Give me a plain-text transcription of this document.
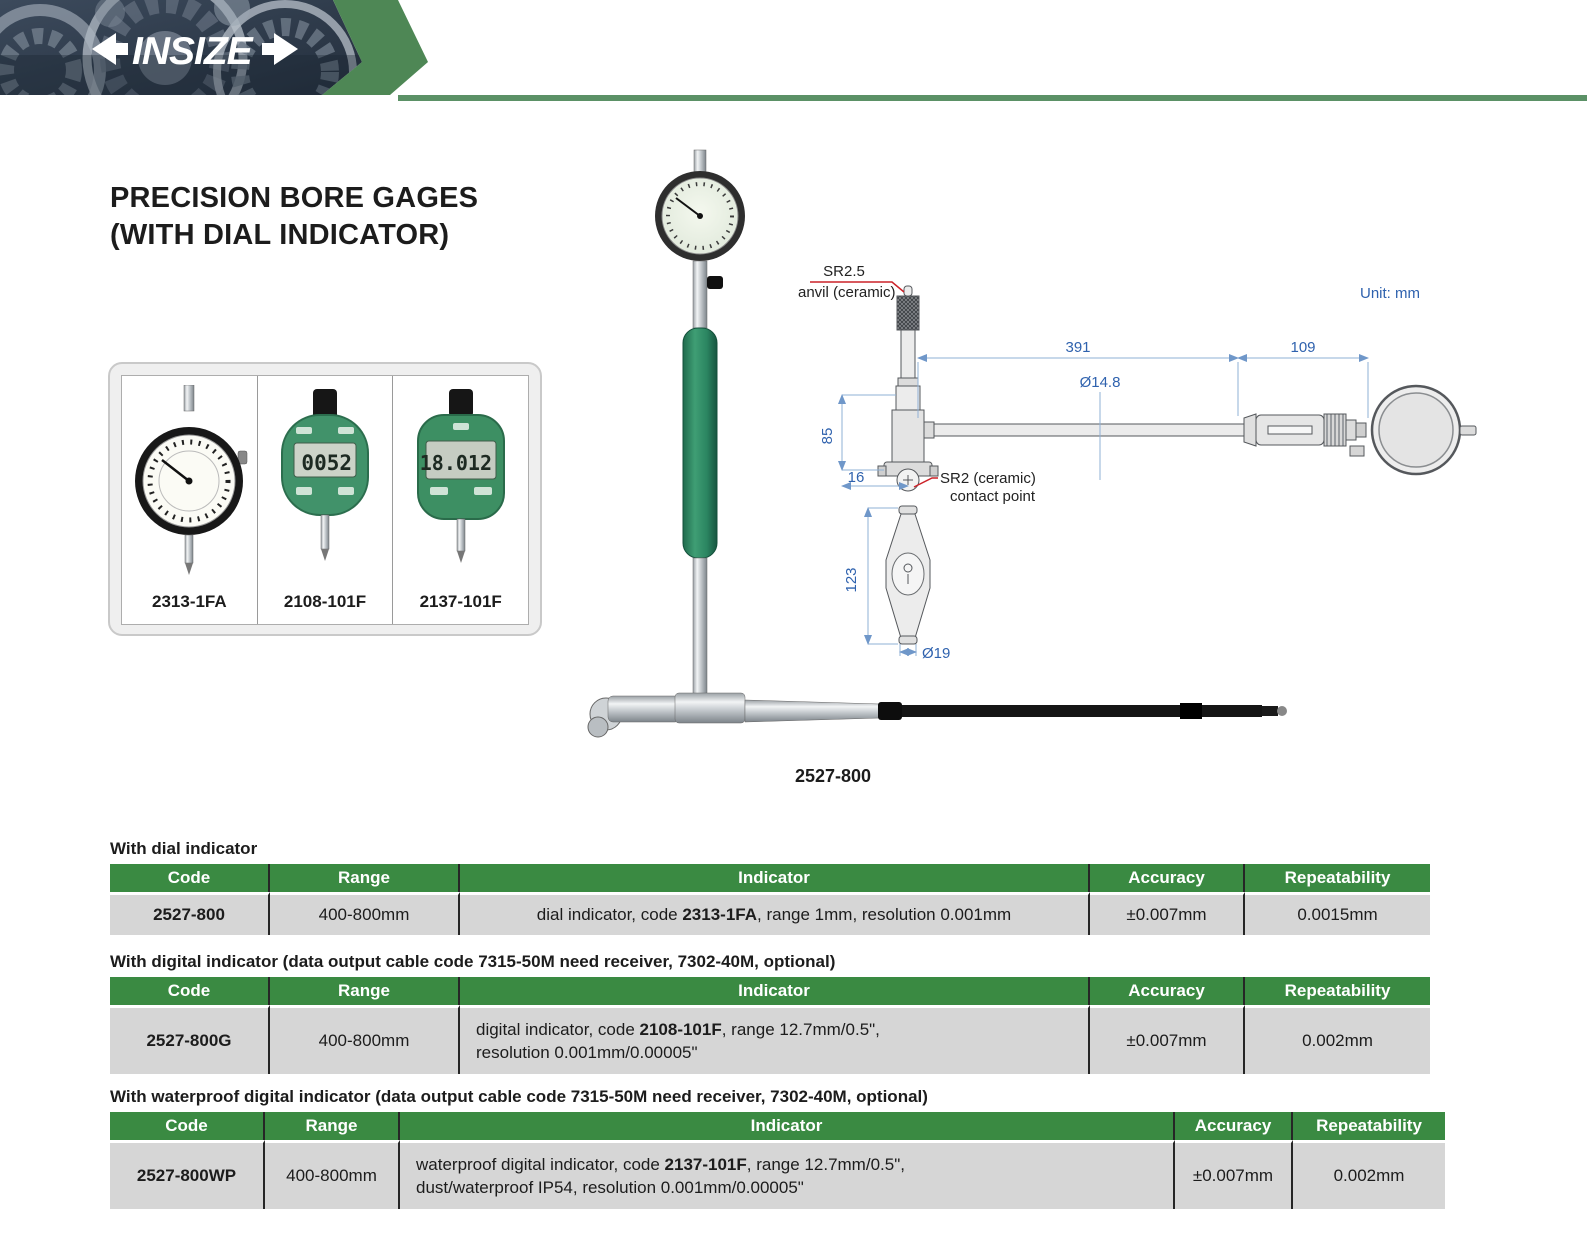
INSIZE
PRECISION BORE GAGES
(WITH DIAL INDICATOR)
2313-1FA
0052
2108-101F
18.012
2137-101F
2527-800
Unit: mm
SR2.5
anvil (ceramic)
SR2 (ceramic)
contact point
391	109
Ø14.8
85
16
123
Ø19

With dial indicator

Code	Range	Indicator	Accuracy	Repeatability
2527-800	400-800mm	dial indicator, code 2313-1FA, range 1mm, resolution 0.001mm	±0.007mm	0.0015mm

With digital indicator (data output cable code 7315-50M need receiver, 7302-40M, optional)

Code	Range	Indicator	Accuracy	Repeatability
2527-800G	400-800mm	digital indicator, code 2108-101F, range 12.7mm/0.5",
resolution 0.001mm/0.00005"	±0.007mm	0.002mm

With waterproof digital indicator (data output cable code 7315-50M need receiver, 7302-40M, optional)

Code	Range	Indicator	Accuracy	Repeatability
2527-800WP	400-800mm	waterproof digital indicator, code 2137-101F, range 12.7mm/0.5",
dust/waterproof IP54, resolution 0.001mm/0.00005"	±0.007mm	0.002mm
